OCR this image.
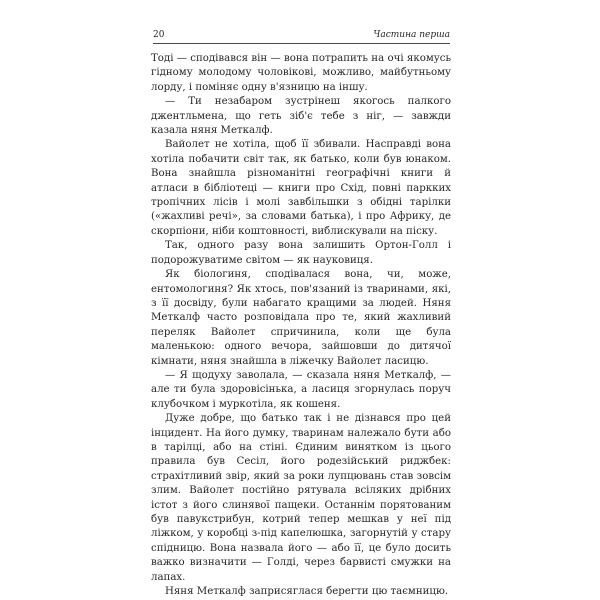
20	Частина перша

Тоді — сподівався він — вона потрапить на очі якомусь гідному молодому чоловікові, можливо, майбутньому лорду, і поміняє одну в'язницю на іншу.

— Ти незабаром зустрінеш якогось палкого джентльмена, що геть зіб'є тебе з ніг, — завжди казала няня Меткалф.

Вайолет не хотіла, щоб її збивали. Насправді вона хотіла побачити світ так, як батько, коли був юнаком. Вона знайшла різноманітні географічні книги й атласи в бібліотеці — книги про Схід, повні паркких тропічних лісів і молі завбільшки з обідні тарілки («жахливі речі», за словами батька), і про Африку, де скорпіони, ніби коштовності, виблискували на піску.

Так, одного разу вона залишить Ортон-Голл і подорожуватиме світом — як науковиця.

Як біологиня, сподівалася вона, чи, може, ентомологиня? Як хтось, пов'язаний із тваринами, які, з її досвіду, були набагато кращими за людей. Няня Меткалф часто розповідала про те, який жахливий переляк Вайолет спричинила, коли ще була маленькою: одного вечора, зайшовши до дитячої кімнати, няня знайшла в ліжечку Вайолет ласицю.

— Я щодуху заволала, — сказала няня Меткалф, — але ти була здоровісінька, а ласиця згорнулась поруч клубочком і муркотіла, як кошеня.

Дуже добре, що батько так і не дізнався про цей інцидент. На його думку, тваринам належало бути або в тарілці, або на стіні. Єдиним винятком із цього правила був Сесіл, його родезійський риджбек: страхітливий звір, який за роки лупцювань став зовсім злим. Вайолет постійно рятувала всіляких дрібних істот з його слинявої пащеки. Останнім порятованим був павукстрибун, котрий тепер мешкав у неї під ліжком, у коробці з-під капелюшка, загорнутій у стару спідницю. Вона назвала його — або її, це було досить важко визначити — Голді, через барвисті смужки на лапах.

Няня Меткалф заприсяглася берегти цю таємницю.
